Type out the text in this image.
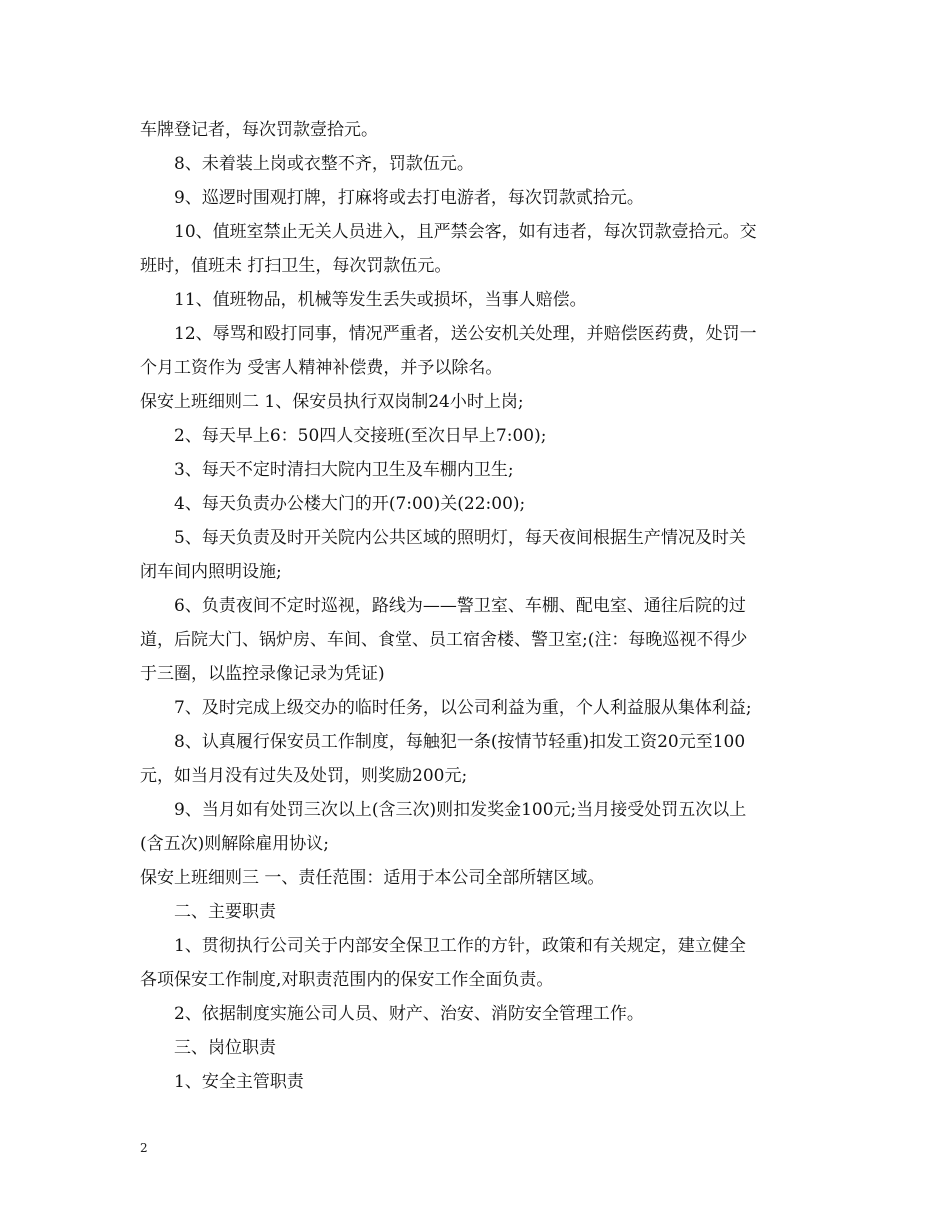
车牌登记者，每次罚款壹拾元。

8、未着装上岗或衣整不齐，罚款伍元。

9、巡逻时围观打牌，打麻将或去打电游者，每次罚款贰拾元。

10、值班室禁止无关人员进入，且严禁会客，如有违者，每次罚款壹拾元。交

班时，值班未 打扫卫生，每次罚款伍元。

11、值班物品，机械等发生丢失或损坏，当事人赔偿。

12、辱骂和殴打同事，情况严重者，送公安机关处理，并赔偿医药费，处罚一

个月工资作为 受害人精神补偿费，并予以除名。

保安上班细则二 1、保安员执行双岗制24小时上岗;

2、每天早上6：50四人交接班(至次日早上7:00);

3、每天不定时清扫大院内卫生及车棚内卫生;

4、每天负责办公楼大门的开(7:00)关(22:00);

5、每天负责及时开关院内公共区域的照明灯，每天夜间根据生产情况及时关

闭车间内照明设施;

6、负责夜间不定时巡视，路线为——警卫室、车棚、配电室、通往后院的过

道，后院大门、锅炉房、车间、食堂、员工宿舍楼、警卫室;(注：每晚巡视不得少

于三圈，以监控录像记录为凭证)

7、及时完成上级交办的临时任务，以公司利益为重，个人利益服从集体利益;

8、认真履行保安员工作制度，每触犯一条(按情节轻重)扣发工资20元至100

元，如当月没有过失及处罚，则奖励200元;

9、当月如有处罚三次以上(含三次)则扣发奖金100元;当月接受处罚五次以上

(含五次)则解除雇用协议;

保安上班细则三 一、责任范围：适用于本公司全部所辖区域。

二、主要职责

1、贯彻执行公司关于内部安全保卫工作的方针，政策和有关规定，建立健全

各项保安工作制度,对职责范围内的保安工作全面负责。

2、依据制度实施公司人员、财产、治安、消防安全管理工作。

三、岗位职责

1、安全主管职责

2
